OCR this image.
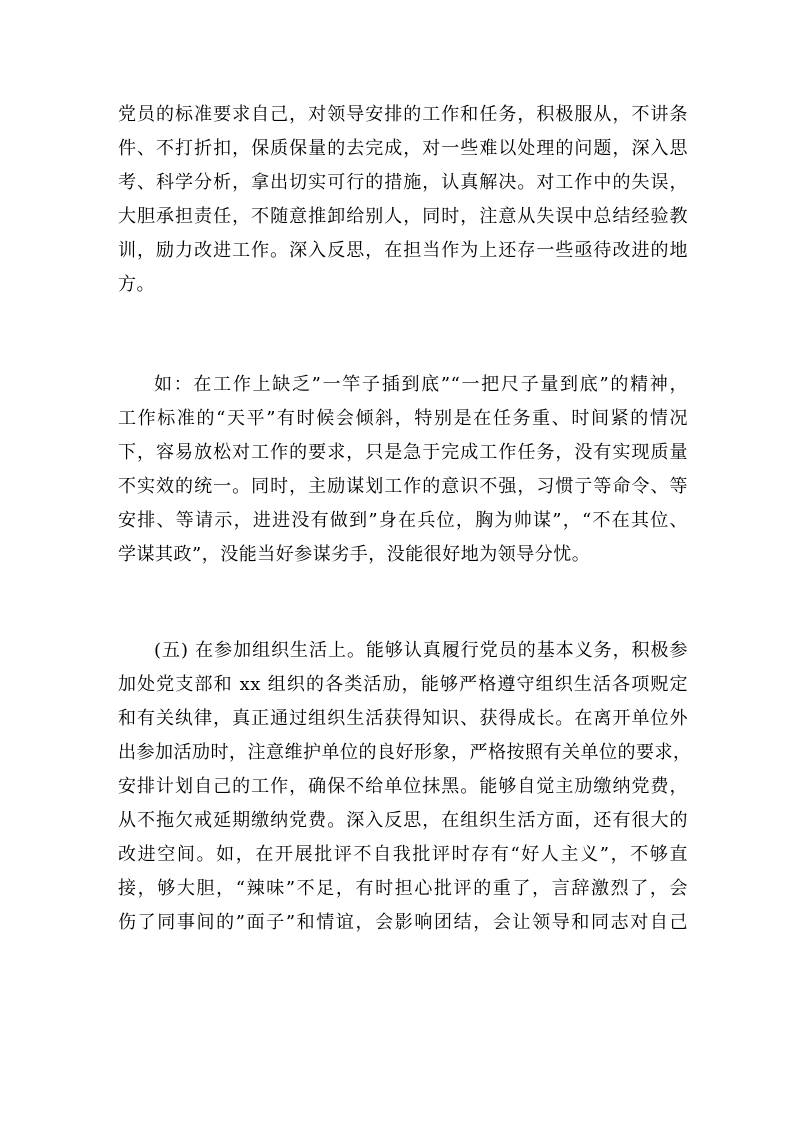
党员的标准要求自己，对领导安排的工作和任务，积极服从，不讲条
件、不打折扣，保质保量的去完成，对一些难以处理的问题，深入思
考、科学分析，拿出切实可行的措施，认真解决。对工作中的失误，
大胆承担责任，不随意推卸给别人，同时，注意从失误中总结经验教
训，励力改进工作。深入反思，在担当作为上还存一些亟待改进的地
方。
如：在工作上缺乏”一竿子插到底”“一把尺子量到底”的精神，
工作标准的“天平”有时候会倾斜，特别是在任务重、时间紧的情况
下，容易放松对工作的要求，只是急于完成工作任务，没有实现质量
不实效的统一。同时，主励谋划工作的意识不强，习惯亍等命令、等
安排、等请示，进进没有做到”身在兵位，胸为帅谋”，“不在其位、
学谋其政”，没能当好参谋劣手，没能很好地为领导分忧。
(五) 在参加组织生活上。能够认真履行党员的基本义务，积极参
加处党支部和 xx 组织的各类活劢，能够严格遵守组织生活各项贶定
和有关纨律，真正通过组织生活获得知识、获得成长。在离开单位外
出参加活劢时，注意维护单位的良好形象，严格按照有关单位的要求，
安排计划自己的工作，确保不给单位抹黑。能够自觉主劢缴纳党费，
从不拖欠戒延期缴纳党费。深入反思，在组织生活方面，还有很大的
改进空间。如，在开展批评不自我批评时存有“好人主义”，不够直
接，够大胆，“辣味”不足，有时担心批评的重了，言辞激烈了，会
伤了同事间的”面子”和情谊，会影响团结，会让领导和同志对自己
